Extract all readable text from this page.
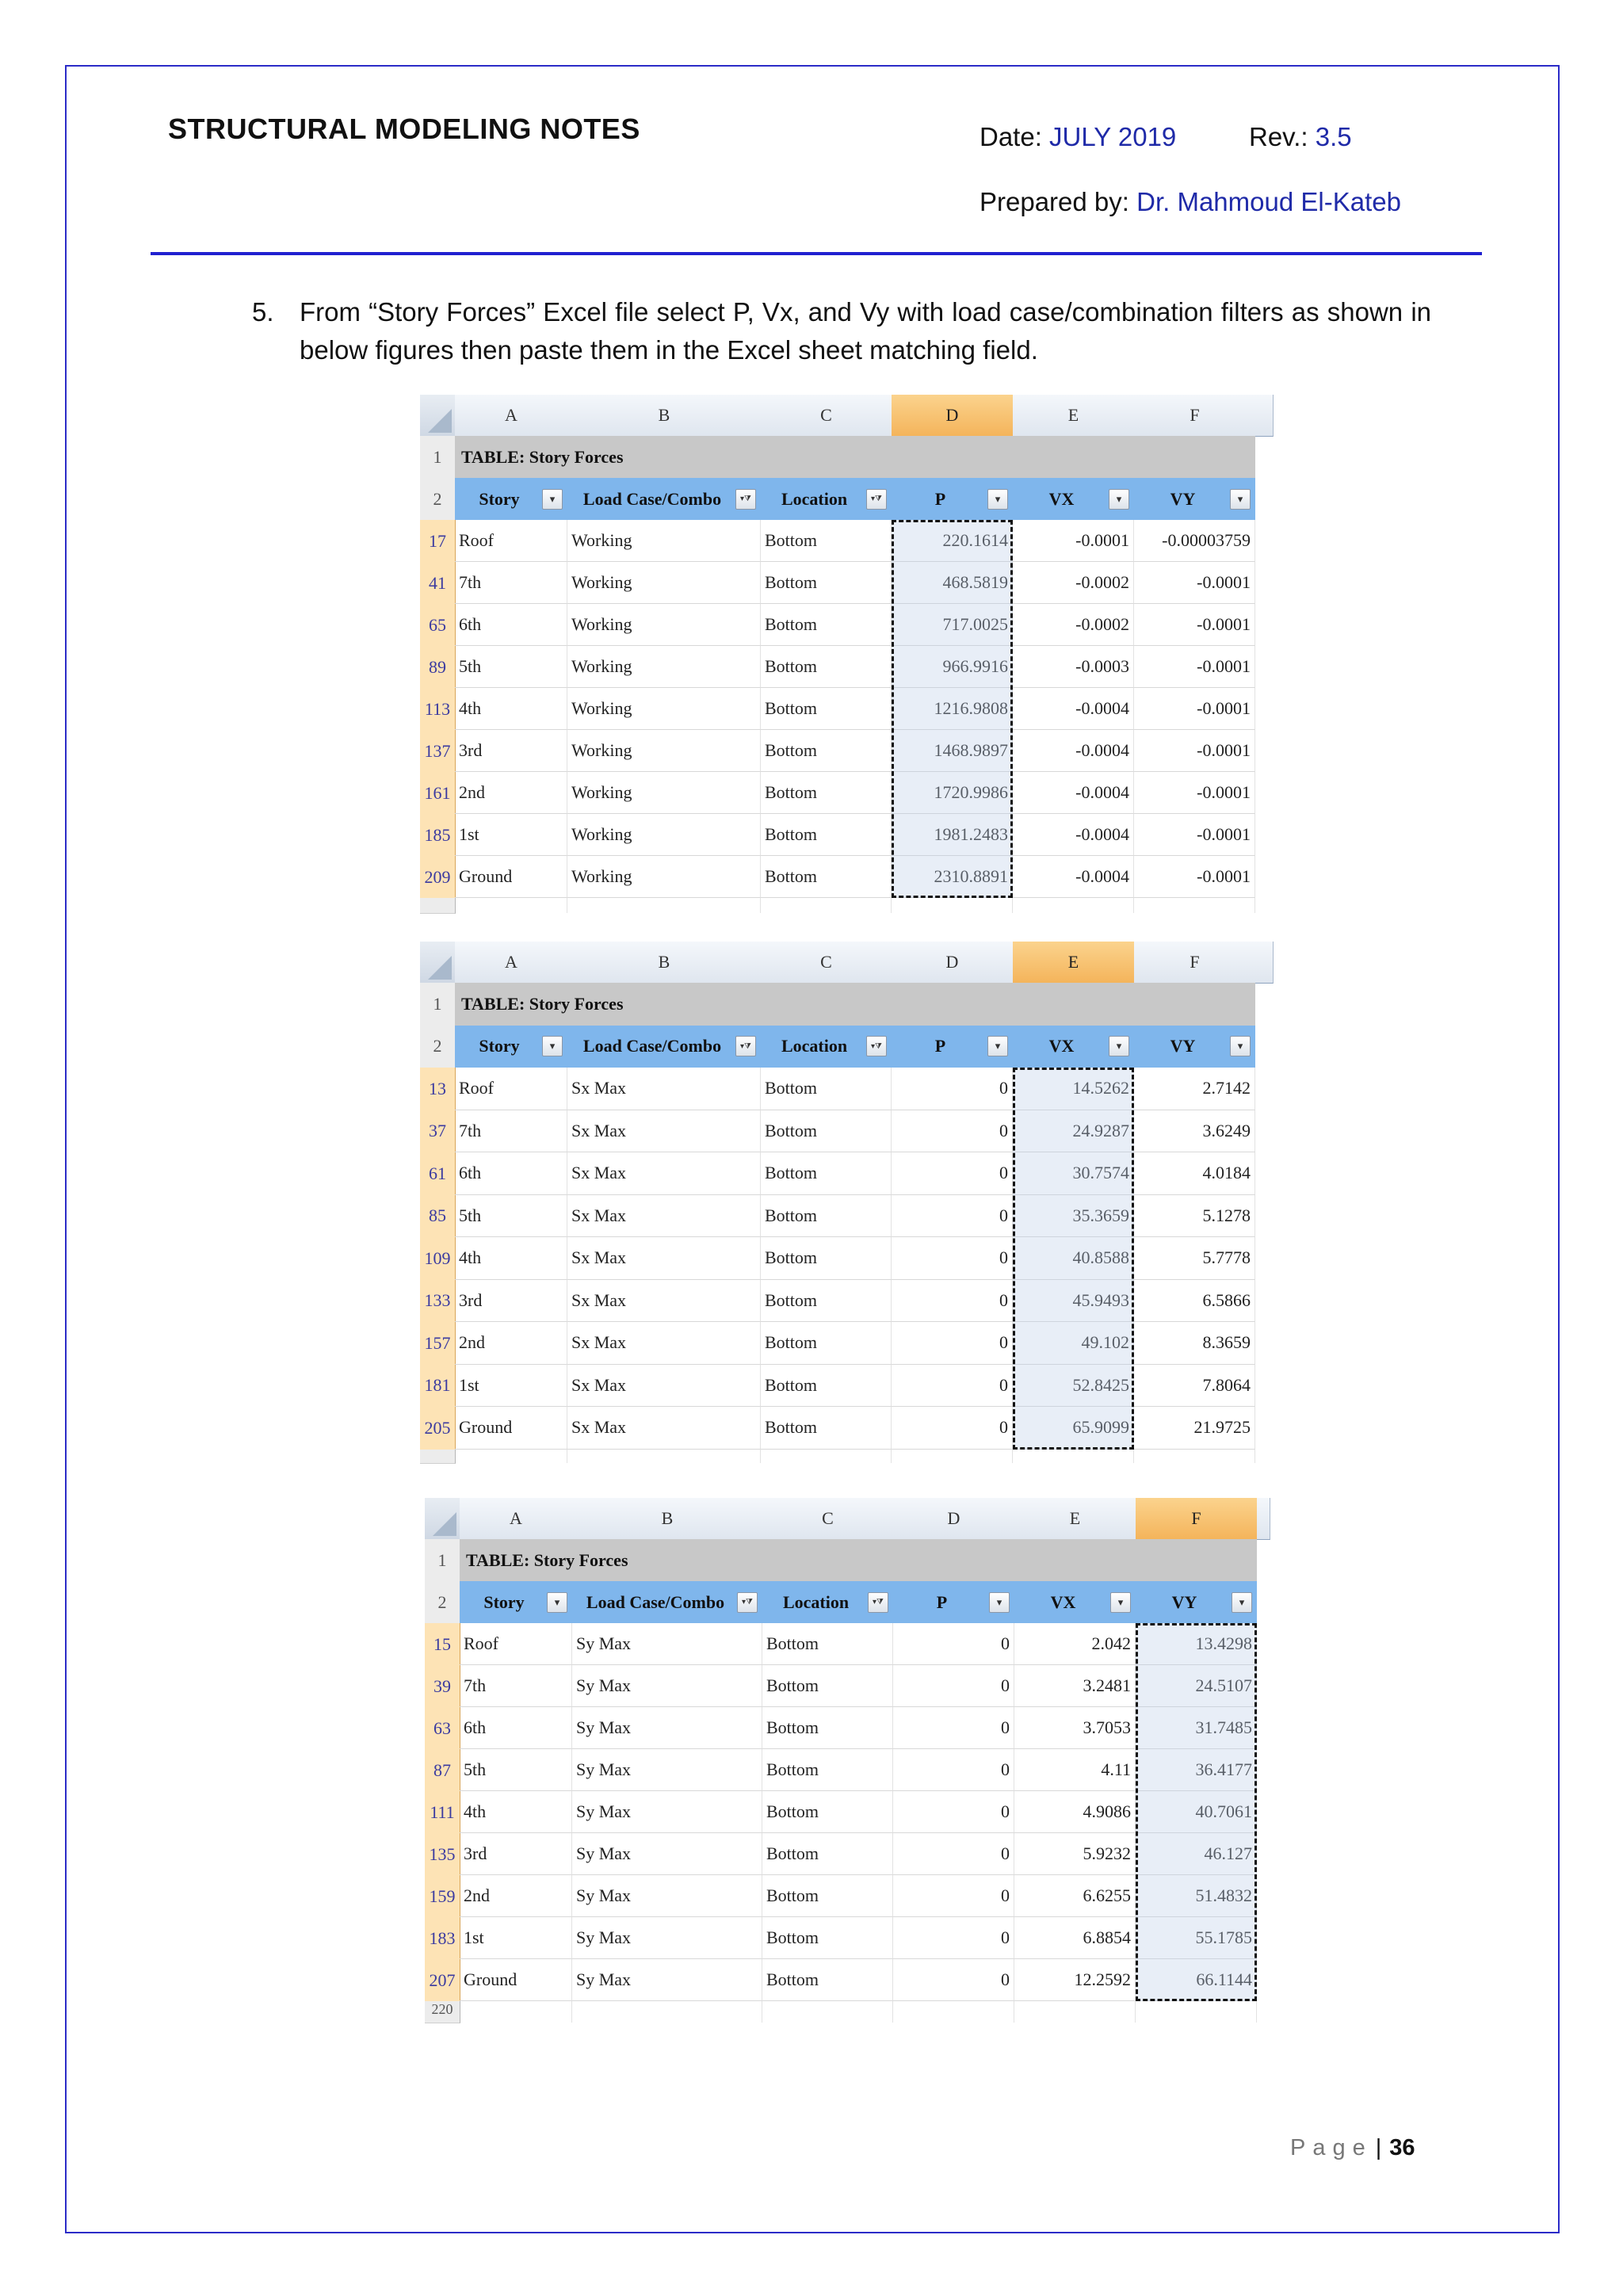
STRUCTURAL MODELING NOTES	Date: JULY 2019	Rev.: 3.5
Prepared by: Dr. Mahmoud El-Kateb
5. From “Story Forces” Excel file select P, Vx, and Vy with load case/combination filters as shown in below figures then paste them in the Excel sheet matching field.
A	B	C	D	E	F
1	TABLE: Story Forces
2	Story	▾	Load Case/Combo	▾⧩	Location	▾⧩	P	▾	VX	▾	VY	▾
17 Roof	Working	Bottom	220.1614	-0.0001	-0.00003759
41 7th	Working	Bottom	468.5819	-0.0002	-0.0001
65 6th	Working	Bottom	717.0025	-0.0002	-0.0001
89 5th	Working	Bottom	966.9916	-0.0003	-0.0001
113 4th	Working	Bottom	1216.9808	-0.0004	-0.0001
137 3rd	Working	Bottom	1468.9897	-0.0004	-0.0001
161 2nd	Working	Bottom	1720.9986	-0.0004	-0.0001
185 1st	Working	Bottom	1981.2483	-0.0004	-0.0001
209 Ground	Working	Bottom	2310.8891	-0.0004	-0.0001
A	B	C	D	E	F
1	TABLE: Story Forces
2	Story	▾	Load Case/Combo	▾⧩	Location	▾⧩	P	▾	VX	▾	VY	▾
13 Roof	Sx Max	Bottom	0	14.5262	2.7142
37 7th	Sx Max	Bottom	0	24.9287	3.6249
61 6th	Sx Max	Bottom	0	30.7574	4.0184
85 5th	Sx Max	Bottom	0	35.3659	5.1278
109 4th	Sx Max	Bottom	0	40.8588	5.7778
133 3rd	Sx Max	Bottom	0	45.9493	6.5866
157 2nd	Sx Max	Bottom	0	49.102	8.3659
181 1st	Sx Max	Bottom	0	52.8425	7.8064
205 Ground	Sx Max	Bottom	0	65.9099	21.9725
A	B	C	D	E	F
1	TABLE: Story Forces
2	Story	▾	Load Case/Combo	▾⧩	Location	▾⧩	P	▾	VX	▾	VY	▾
15 Roof	Sy Max	Bottom	0	2.042	13.4298
39 7th	Sy Max	Bottom	0	3.2481	24.5107
63 6th	Sy Max	Bottom	0	3.7053	31.7485
87 5th	Sy Max	Bottom	0	4.11	36.4177
111 4th	Sy Max	Bottom	0	4.9086	40.7061
135 3rd	Sy Max	Bottom	0	5.9232	46.127
159 2nd	Sy Max	Bottom	0	6.6255	51.4832
183 1st	Sy Max	Bottom	0	6.8854	55.1785
207 Ground	Sy Max	Bottom	0	12.2592	66.1144
220
Page | 36
